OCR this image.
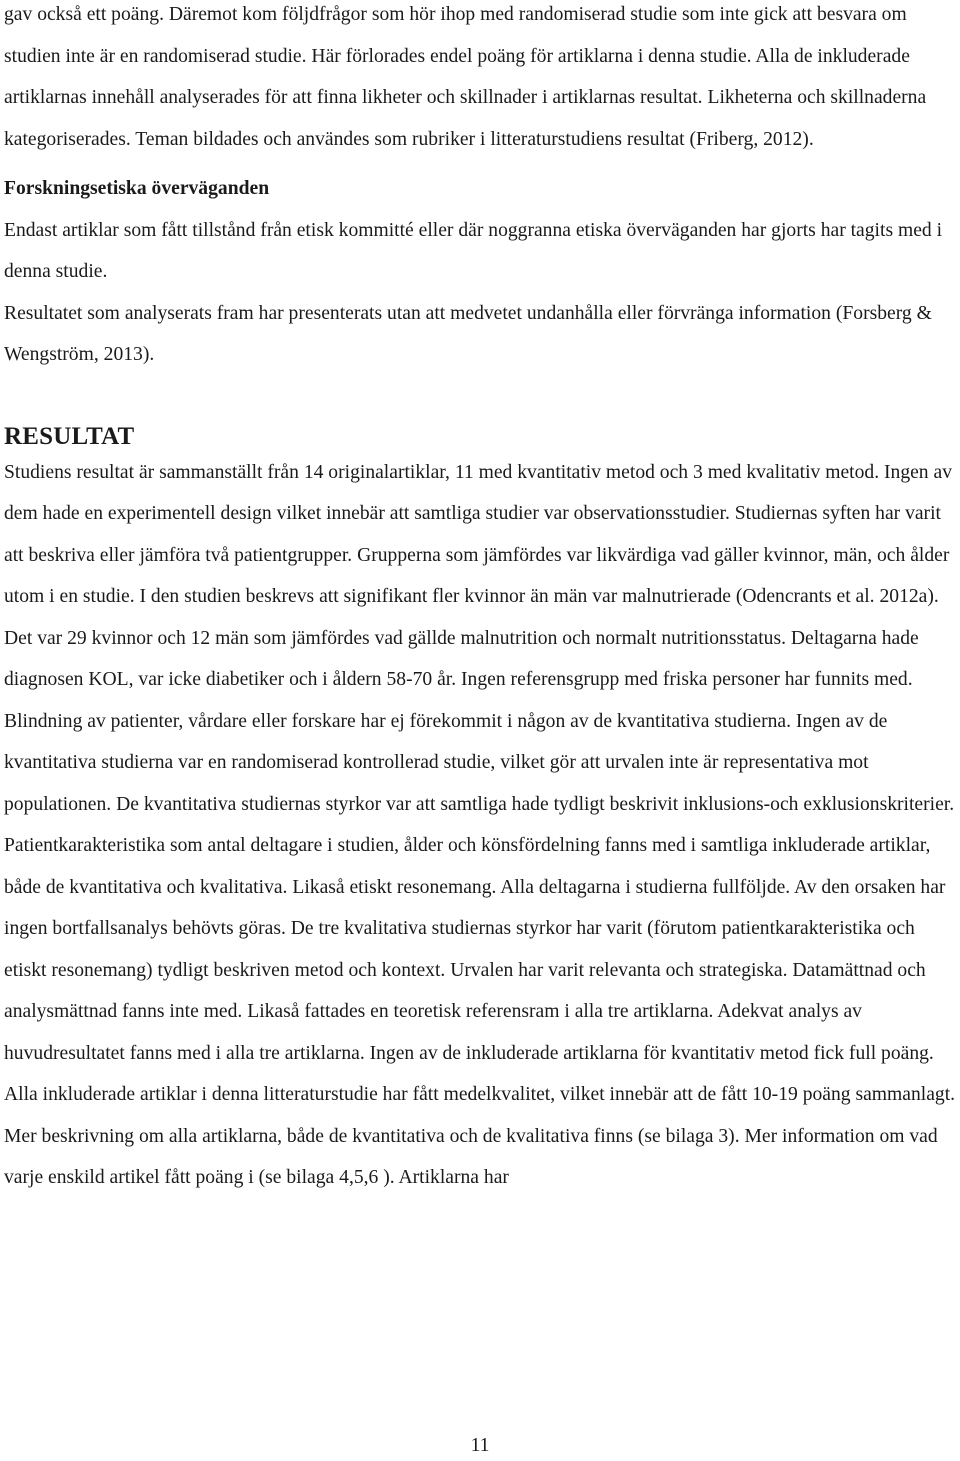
gav också ett poäng. Däremot kom följdfrågor som hör ihop med randomiserad studie som inte gick att besvara om studien inte är en randomiserad studie. Här förlorades endel poäng för artiklarna i denna studie. Alla de inkluderade artiklarnas innehåll analyserades för att finna likheter och skillnader i artiklarnas resultat. Likheterna och skillnaderna kategoriserades. Teman bildades och användes som rubriker i litteraturstudiens resultat (Friberg, 2012).

Forskningsetiska överväganden

Endast artiklar som fått tillstånd från etisk kommitté eller där noggranna etiska överväganden har gjorts har tagits med i denna studie.

Resultatet som analyserats fram har presenterats utan att medvetet undanhålla eller förvränga information (Forsberg & Wengström, 2013).

RESULTAT

Studiens resultat är sammanställt från 14 originalartiklar, 11 med kvantitativ metod och 3 med kvalitativ metod. Ingen av dem hade en experimentell design vilket innebär att samtliga studier var observationsstudier. Studiernas syften har varit att beskriva eller jämföra två patientgrupper. Grupperna som jämfördes var likvärdiga vad gäller kvinnor, män, och ålder utom i en studie. I den studien beskrevs att signifikant fler kvinnor än män var malnutrierade (Odencrants et al. 2012a). Det var 29 kvinnor och 12 män som jämfördes vad gällde malnutrition och normalt nutritionsstatus. Deltagarna hade diagnosen KOL, var icke diabetiker och i åldern 58-70 år. Ingen referensgrupp med friska personer har funnits med. Blindning av patienter, vårdare eller forskare har ej förekommit i någon av de kvantitativa studierna. Ingen av de kvantitativa studierna var en randomiserad kontrollerad studie, vilket gör att urvalen inte är representativa mot populationen. De kvantitativa studiernas styrkor var att samtliga hade tydligt beskrivit inklusions-och exklusionskriterier. Patientkarakteristika som antal deltagare i studien, ålder och könsfördelning fanns med i samtliga inkluderade artiklar, både de kvantitativa och kvalitativa. Likaså etiskt resonemang. Alla deltagarna i studierna fullföljde. Av den orsaken har ingen bortfallsanalys behövts göras. De tre kvalitativa studiernas styrkor har varit (förutom patientkarakteristika och etiskt resonemang) tydligt beskriven metod och kontext. Urvalen har varit relevanta och strategiska. Datamättnad och analysmättnad fanns inte med. Likaså fattades en teoretisk referensram i alla tre artiklarna. Adekvat analys av huvudresultatet fanns med i alla tre artiklarna. Ingen av de inkluderade artiklarna för kvantitativ metod fick full poäng. Alla inkluderade artiklar i denna litteraturstudie har fått medelkvalitet, vilket innebär att de fått 10-19 poäng sammanlagt. Mer beskrivning om alla artiklarna, både de kvantitativa och de kvalitativa finns (se bilaga 3). Mer information om vad varje enskild artikel fått poäng i (se bilaga 4,5,6 ). Artiklarna har

11
